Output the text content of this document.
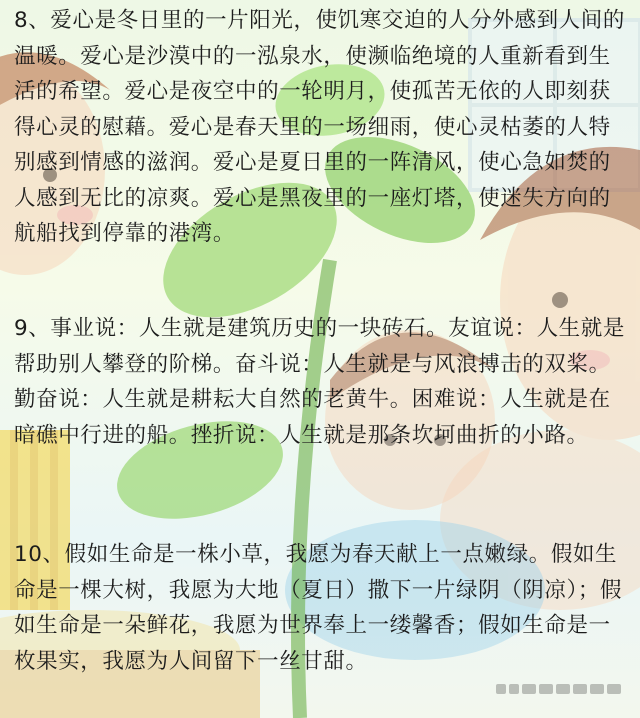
8、爱心是冬日里的一片阳光，使饥寒交迫的人分外感到人间的温暖。爱心是沙漠中的一泓泉水，使濒临绝境的人重新看到生活的希望。爱心是夜空中的一轮明月，使孤苦无依的人即刻获得心灵的慰藉。爱心是春天里的一场细雨，使心灵枯萎的人特别感到情感的滋润。爱心是夏日里的一阵清风，使心急如焚的人感到无比的凉爽。爱心是黑夜里的一座灯塔，使迷失方向的航船找到停靠的港湾。

9、事业说：人生就是建筑历史的一块砖石。友谊说：人生就是帮助别人攀登的阶梯。奋斗说：人生就是与风浪搏击的双桨。勤奋说：人生就是耕耘大自然的老黄牛。困难说：人生就是在暗礁中行进的船。挫折说：人生就是那条坎坷曲折的小路。

10、假如生命是一株小草，我愿为春天献上一点嫩绿。假如生命是一棵大树，我愿为大地（夏日）撒下一片绿阴（阴凉）；假如生命是一朵鲜花，我愿为世界奉上一缕馨香；假如生命是一枚果实，我愿为人间留下一丝甘甜。
